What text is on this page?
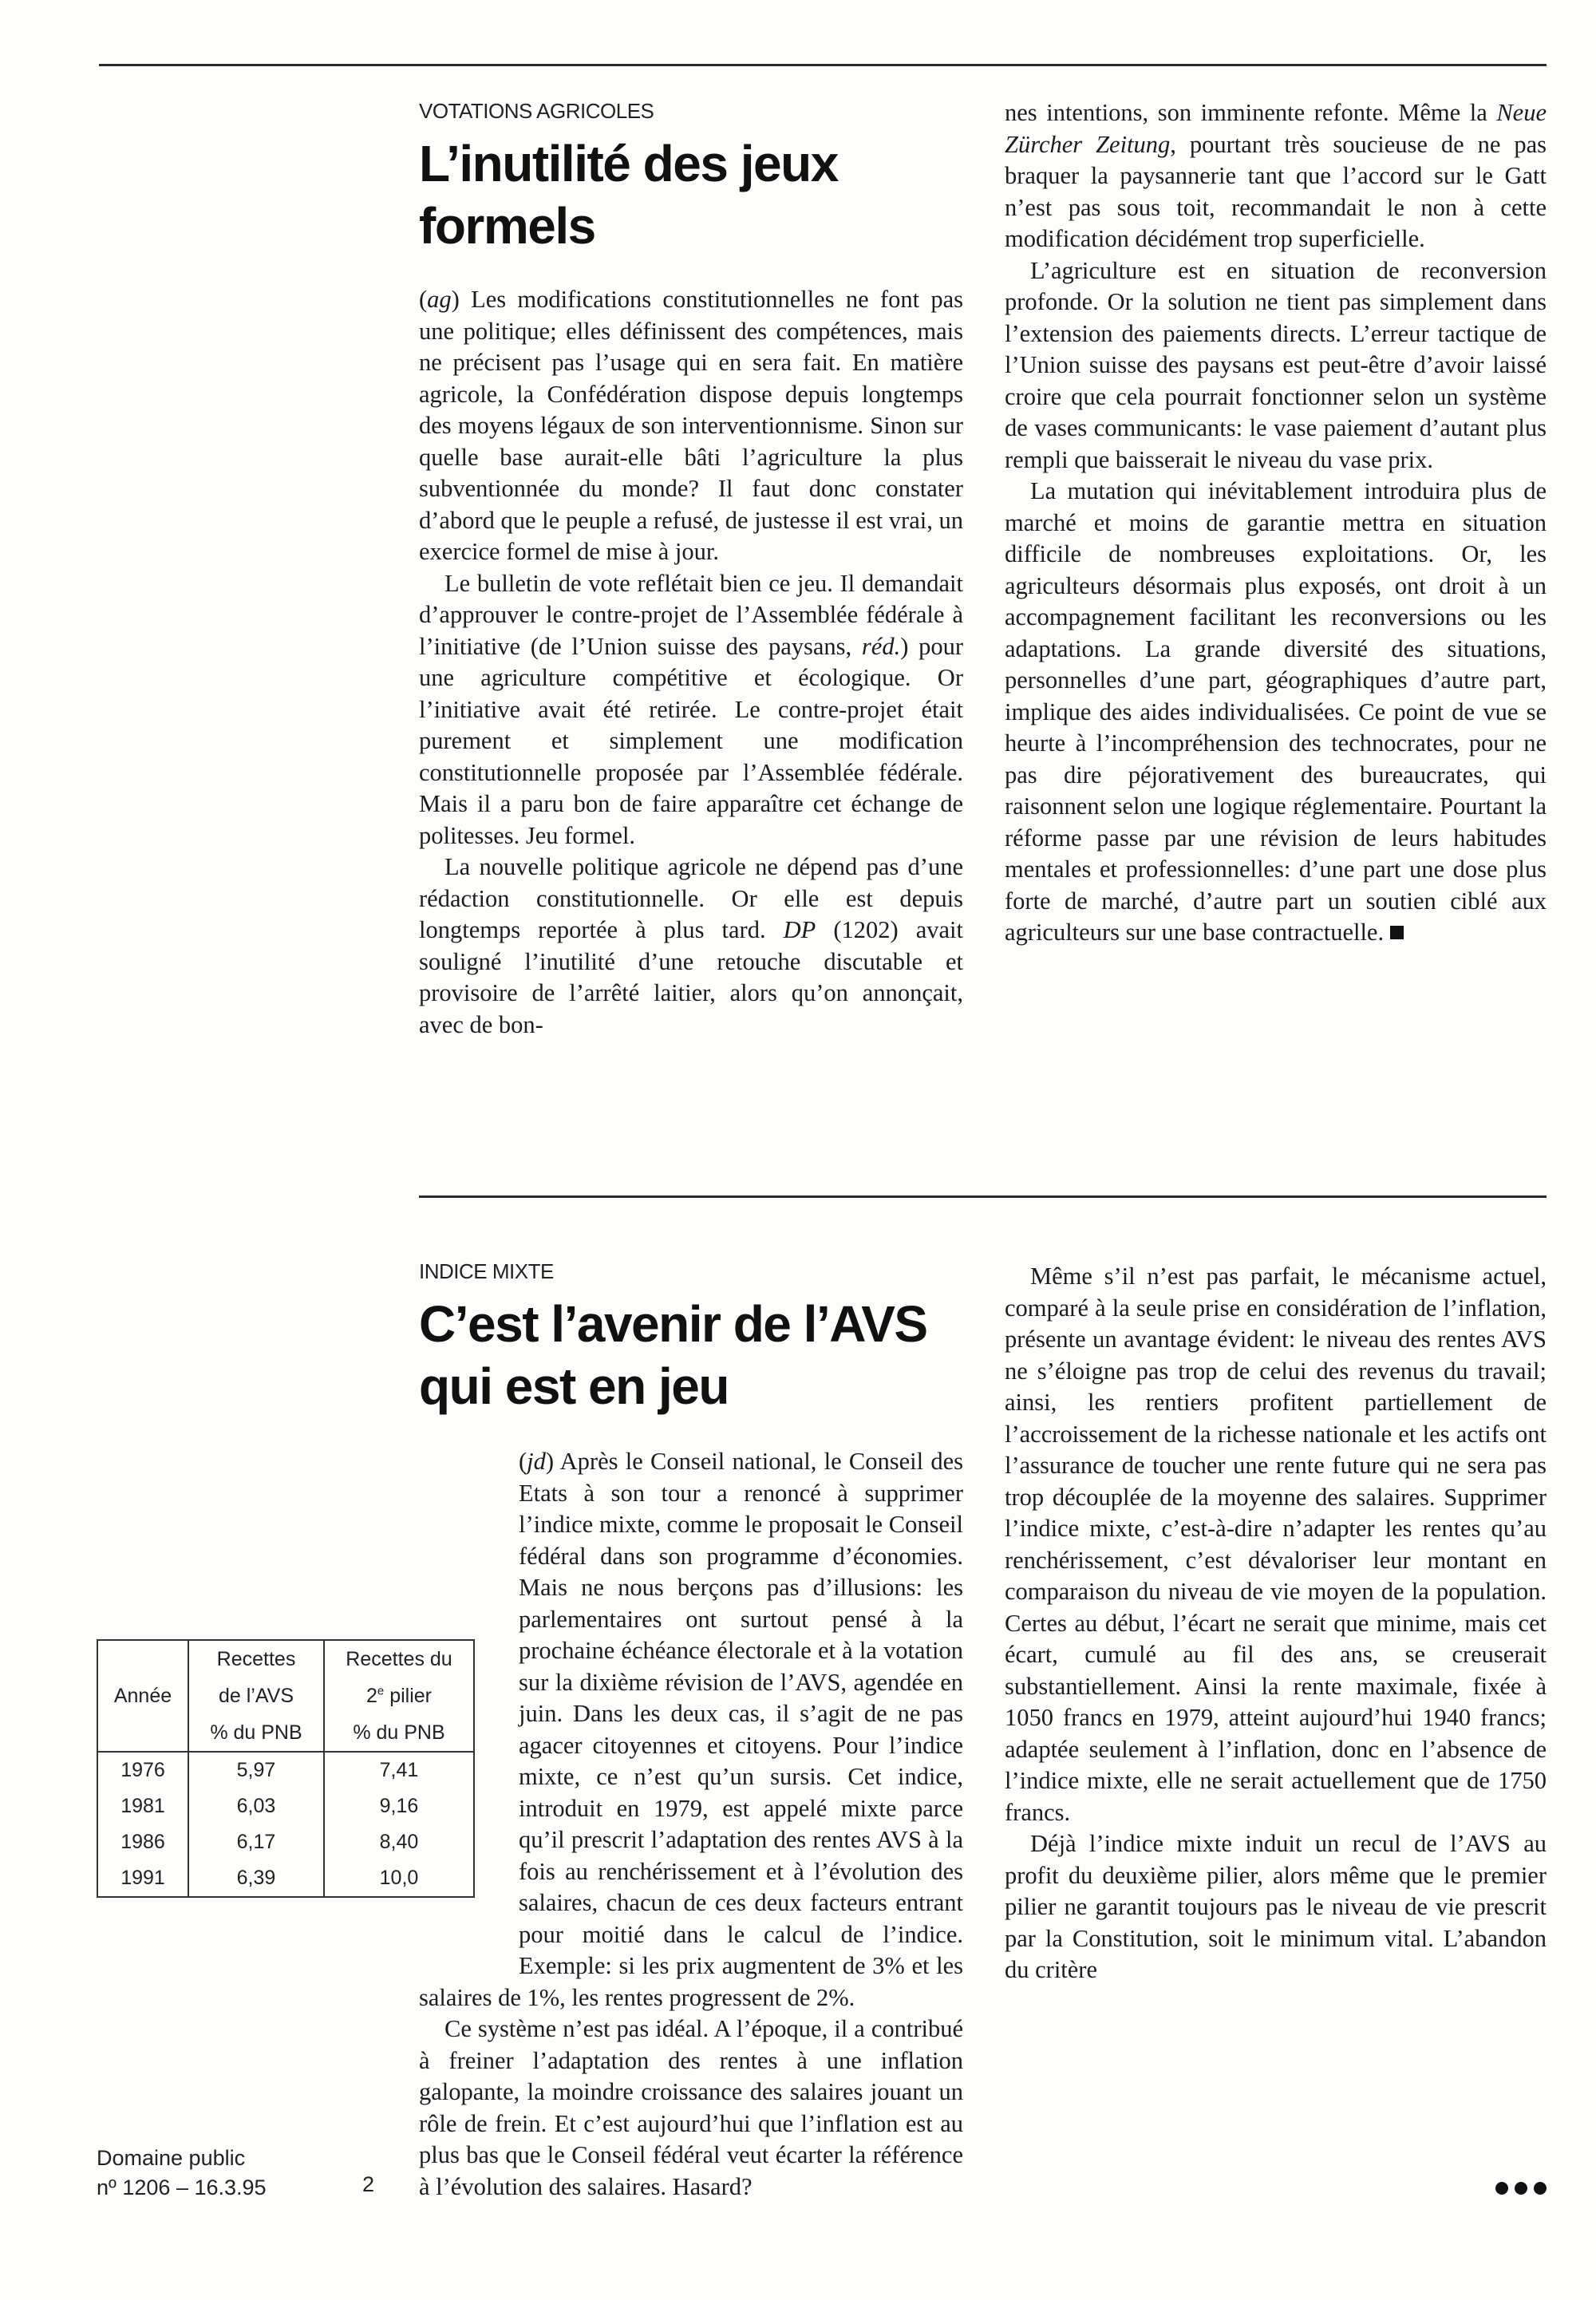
VOTATIONS AGRICOLES
L’inutilité des jeux
formels

(ag) Les modifications constitutionnelles ne font pas une politique; elles définissent des compétences, mais ne précisent pas l’usage qui en sera fait. En matière agricole, la Confédération dispose depuis longtemps des moyens légaux de son interventionnisme. Sinon sur quelle base aurait-elle bâti l’agriculture la plus subventionnée du monde? Il faut donc constater d’abord que le peuple a refusé, de justesse il est vrai, un exercice formel de mise à jour.

Le bulletin de vote reflétait bien ce jeu. Il demandait d’approuver le contre-projet de l’Assemblée fédérale à l’initiative (de l’Union suisse des paysans, réd.) pour une agriculture compétitive et écologique. Or l’initiative avait été retirée. Le contre-projet était purement et simplement une modification constitutionnelle proposée par l’Assemblée fédérale. Mais il a paru bon de faire apparaître cet échange de politesses. Jeu formel.

La nouvelle politique agricole ne dépend pas d’une rédaction constitutionnelle. Or elle est depuis longtemps reportée à plus tard. DP (1202) avait souligné l’inutilité d’une retouche discutable et provisoire de l’arrêté laitier, alors qu’on annonçait, avec de bon-

nes intentions, son imminente refonte. Même la Neue Zürcher Zeitung, pourtant très soucieuse de ne pas braquer la paysannerie tant que l’accord sur le Gatt n’est pas sous toit, recommandait le non à cette modification décidément trop superficielle.

L’agriculture est en situation de reconversion profonde. Or la solution ne tient pas simplement dans l’extension des paiements directs. L’erreur tactique de l’Union suisse des paysans est peut-être d’avoir laissé croire que cela pourrait fonctionner selon un système de vases communicants: le vase paiement d’autant plus rempli que baisserait le niveau du vase prix.

La mutation qui inévitablement introduira plus de marché et moins de garantie mettra en situation difficile de nombreuses exploitations. Or, les agriculteurs désormais plus exposés, ont droit à un accompagnement facilitant les reconversions ou les adaptations. La grande diversité des situations, personnelles d’une part, géographiques d’autre part, implique des aides individualisées. Ce point de vue se heurte à l’incompréhension des technocrates, pour ne pas dire péjorativement des bureaucrates, qui raisonnent selon une logique réglementaire. Pourtant la réforme passe par une révision de leurs habitudes mentales et professionnelles: d’une part une dose plus forte de marché, d’autre part un soutien ciblé aux agriculteurs sur une base contractuelle.

INDICE MIXTE
C’est l’avenir de l’AVS
qui est en jeu

(jd) Après le Conseil national, le Conseil des Etats à son tour a renoncé à supprimer l’indice mixte, comme le proposait le Conseil fédéral dans son programme d’économies. Mais ne nous berçons pas d’illusions: les parlementaires ont surtout pensé à la prochaine échéance électorale et à la votation sur la dixième révision de l’AVS, agendée en juin. Dans les deux cas, il s’agit de ne pas agacer citoyennes et citoyens. Pour l’indice mixte, ce n’est qu’un sursis. Cet indice, introduit en 1979, est appelé mixte parce qu’il prescrit l’adaptation des rentes AVS à la fois au renchérissement et à l’évolution des salaires, chacun de ces deux facteurs entrant pour moitié dans le calcul de l’indice. Exemple: si les prix augmentent de 3% et les salaires de 1%, les rentes progressent de 2%.

Ce système n’est pas idéal. A l’époque, il a contribué à freiner l’adaptation des rentes à une inflation galopante, la moindre croissance des salaires jouant un rôle de frein. Et c’est aujourd’hui que l’inflation est au plus bas que le Conseil fédéral veut écarter la référence à l’évolution des salaires. Hasard?

Même s’il n’est pas parfait, le mécanisme actuel, comparé à la seule prise en considération de l’inflation, présente un avantage évident: le niveau des rentes AVS ne s’éloigne pas trop de celui des revenus du travail; ainsi, les rentiers profitent partiellement de l’accroissement de la richesse nationale et les actifs ont l’assurance de toucher une rente future qui ne sera pas trop découplée de la moyenne des salaires. Supprimer l’indice mixte, c’est-à-dire n’adapter les rentes qu’au renchérissement, c’est dévaloriser leur montant en comparaison du niveau de vie moyen de la population. Certes au début, l’écart ne serait que minime, mais cet écart, cumulé au fil des ans, se creuserait substantiellement. Ainsi la rente maximale, fixée à 1050 francs en 1979, atteint aujourd’hui 1940 francs; adaptée seulement à l’inflation, donc en l’absence de l’indice mixte, elle ne serait actuellement que de 1750 francs.

Déjà l’indice mixte induit un recul de l’AVS au profit du deuxième pilier, alors même que le premier pilier ne garantit toujours pas le niveau de vie prescrit par la Constitution, soit le minimum vital. L’abandon du critère

Année	Recettes	Recettes du
	de l’AVS	2e pilier
	% du PNB	% du PNB
1976	5,97	7,41
1981	6,03	9,16
1986	6,17	8,40
1991	6,39	10,0
Domaine public
nº 1206 – 16.3.95	2
